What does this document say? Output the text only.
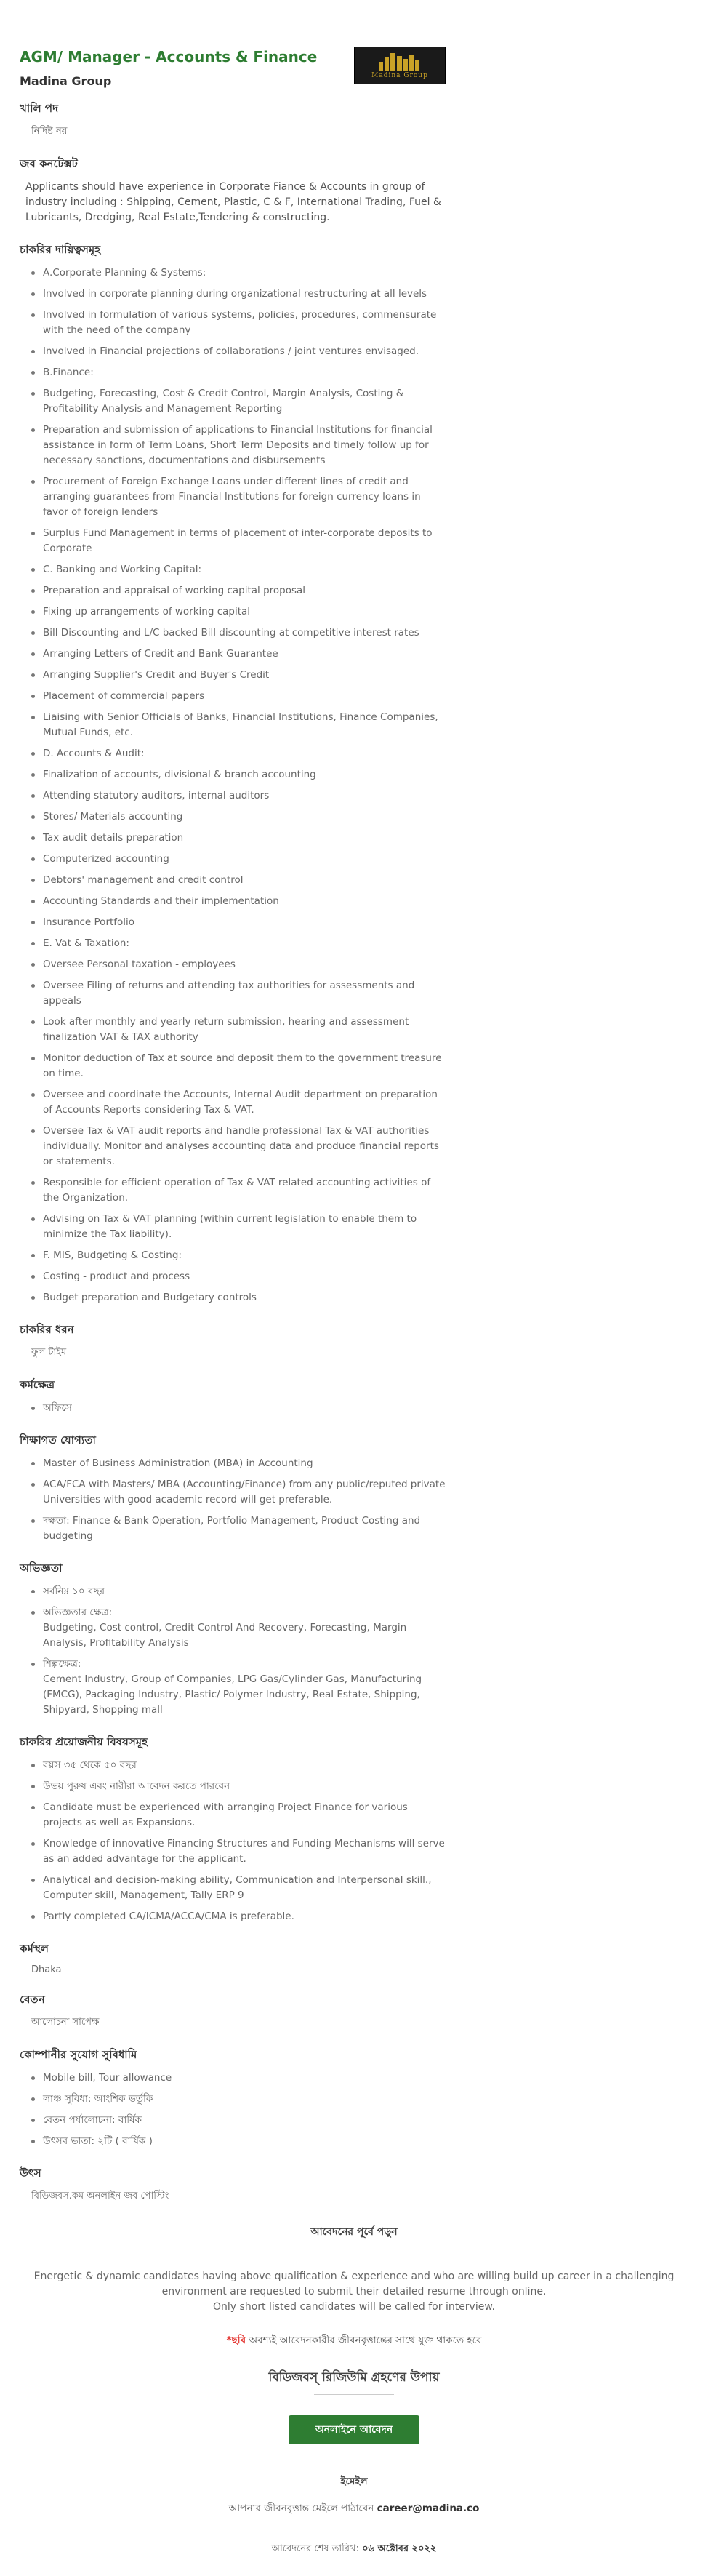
AGM/ Manager - Accounts & Finance
Madina Group	Madina Group
খালি পদ

নির্দিষ্ট নয়

জব কনটেক্সট

Applicants should have experience in Corporate Fiance & Accounts in group of industry including : Shipping, Cement, Plastic, C & F, International Trading, Fuel & Lubricants, Dredging, Real Estate,Tendering & constructing.

চাকরির দায়িত্বসমূহ
A.Corporate Planning & Systems:
Involved in corporate planning during organizational restructuring at all levels
Involved in formulation of various systems, policies, procedures, commensurate with the need of the company
Involved in Financial projections of collaborations / joint ventures envisaged.
B.Finance:
Budgeting, Forecasting, Cost & Credit Control, Margin Analysis, Costing & Profitability Analysis and Management Reporting
Preparation and submission of applications to Financial Institutions for financial assistance in form of Term Loans, Short Term Deposits and timely follow up for necessary sanctions, documentations and disbursements
Procurement of Foreign Exchange Loans under different lines of credit and arranging guarantees from Financial Institutions for foreign currency loans in favor of foreign lenders
Surplus Fund Management in terms of placement of inter-corporate deposits to Corporate
C. Banking and Working Capital:
Preparation and appraisal of working capital proposal
Fixing up arrangements of working capital
Bill Discounting and L/C backed Bill discounting at competitive interest rates
Arranging Letters of Credit and Bank Guarantee
Arranging Supplier's Credit and Buyer's Credit
Placement of commercial papers
Liaising with Senior Officials of Banks, Financial Institutions, Finance Companies, Mutual Funds, etc.
D. Accounts & Audit:
Finalization of accounts, divisional & branch accounting
Attending statutory auditors, internal auditors
Stores/ Materials accounting
Tax audit details preparation
Computerized accounting
Debtors' management and credit control
Accounting Standards and their implementation
Insurance Portfolio
E. Vat & Taxation:
Oversee Personal taxation - employees
Oversee Filing of returns and attending tax authorities for assessments and appeals
Look after monthly and yearly return submission, hearing and assessment finalization VAT & TAX authority
Monitor deduction of Tax at source and deposit them to the government treasure on time.
Oversee and coordinate the Accounts, Internal Audit department on preparation of Accounts Reports considering Tax & VAT.
Oversee Tax & VAT audit reports and handle professional Tax & VAT authorities individually. Monitor and analyses accounting data and produce financial reports or statements.
Responsible for efficient operation of Tax & VAT related accounting activities of the Organization.
Advising on Tax & VAT planning (within current legislation to enable them to minimize the Tax liability).
F. MIS, Budgeting & Costing:
Costing - product and process
Budget preparation and Budgetary controls
চাকরির ধরন

ফুল টাইম

কর্মক্ষেত্র
অফিসে
শিক্ষাগত যোগ্যতা
Master of Business Administration (MBA) in Accounting
ACA/FCA with Masters/ MBA (Accounting/Finance) from any public/reputed private Universities with good academic record will get preferable.
দক্ষতা: Finance & Bank Operation, Portfolio Management, Product Costing and budgeting
অভিজ্ঞতা
সর্বনিম্ন ১০ বছর
অভিজ্ঞতার ক্ষেত্র:
Budgeting, Cost control, Credit Control And Recovery, Forecasting, Margin Analysis, Profitability Analysis
শিল্পক্ষেত্র:
Cement Industry, Group of Companies, LPG Gas/Cylinder Gas, Manufacturing (FMCG), Packaging Industry, Plastic/ Polymer Industry, Real Estate, Shipping, Shipyard, Shopping mall
চাকরির প্রয়োজনীয় বিষয়সমূহ
বয়স ৩৫ থেকে ৫০ বছর
উভয় পুরুষ এবং নারীরা আবেদন করতে পারবেন
Candidate must be experienced with arranging Project Finance for various projects as well as Expansions.
Knowledge of innovative Financing Structures and Funding Mechanisms will serve as an added advantage for the applicant.
Analytical and decision-making ability, Communication and Interpersonal skill., Computer skill, Management, Tally ERP 9
Partly completed CA/ICMA/ACCA/CMA is preferable.
কর্মস্থল

Dhaka

বেতন

আলোচনা সাপেক্ষ

কোম্পানীর সুযোগ সুবিধামি
Mobile bill, Tour allowance
লাঞ্চ সুবিধা: আংশিক ভর্তুকি
বেতন পর্যালোচনা: বার্ষিক
উৎসব ভাতা: ২টি ( বার্ষিক )
উৎস

বিডিজবস.কম অনলাইন জব পোস্টিং

আবেদনের পূর্বে পড়ুন

Energetic & dynamic candidates having above qualification & experience and who are willing build up career in a challenging environment are requested to submit their detailed resume through online.

Only short listed candidates will be called for interview.

*ছবি অবশ্যই আবেদনকারীর জীবনবৃত্তান্তের সাথে যুক্ত থাকতে হবে
বিডিজবস্ রিজিউমি গ্রহণের উপায়
অনলাইনে আবেদন
ইমেইল
আপনার জীবনবৃত্তান্ত মেইলে পাঠাবেন career@madina.co
আবেদনের শেষ তারিখ: ০৬ অক্টোবর ২০২২
